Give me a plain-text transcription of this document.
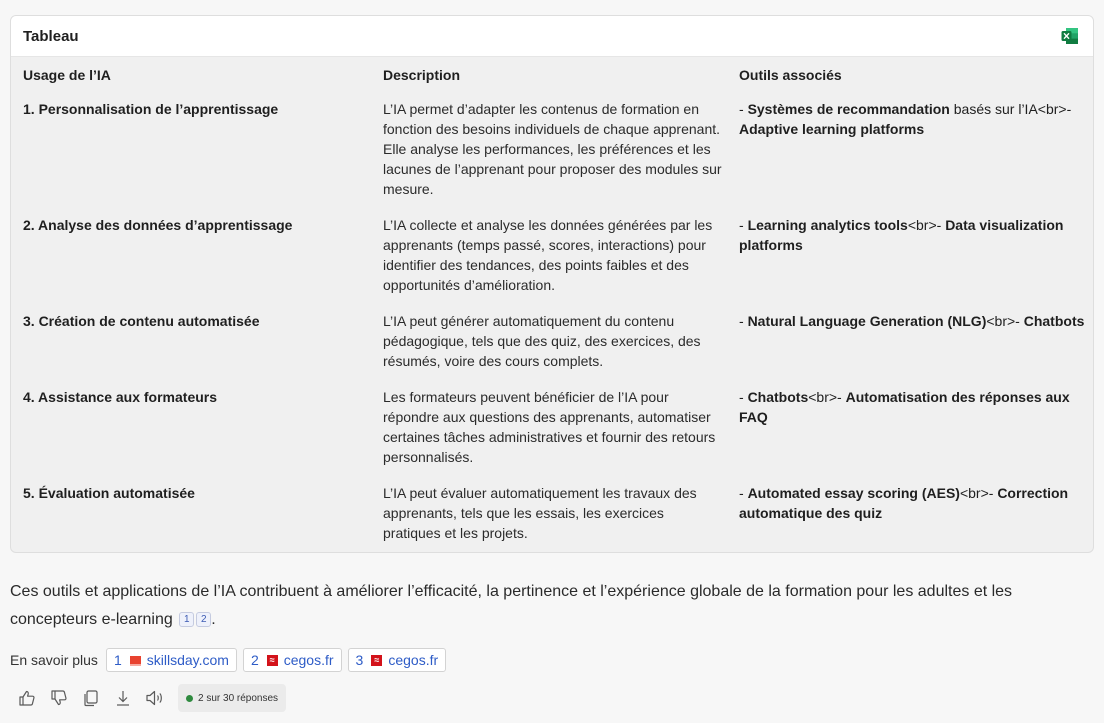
Tableau
Usage de l’IA	Description	Outils associés
1. Personnalisation de l’apprentissage	L’IA permet d’adapter les contenus de formation en fonction des besoins individuels de chaque apprenant. Elle analyse les performances, les préférences et les lacunes de l’apprenant pour proposer des modules sur mesure.	- Systèmes de recommandation basés sur l’IA<br>- Adaptive learning platforms
2. Analyse des données d’apprentissage	L’IA collecte et analyse les données générées par les apprenants (temps passé, scores, interactions) pour identifier des tendances, des points faibles et des opportunités d’amélioration.	- Learning analytics tools<br>- Data visualization platforms
3. Création de contenu automatisée	L’IA peut générer automatiquement du contenu pédagogique, tels que des quiz, des exercices, des résumés, voire des cours complets.	- Natural Language Generation (NLG)<br>- Chatbots
4. Assistance aux formateurs	Les formateurs peuvent bénéficier de l’IA pour répondre aux questions des apprenants, automatiser certaines tâches administratives et fournir des retours personnalisés.	- Chatbots<br>- Automatisation des réponses aux FAQ
5. Évaluation automatisée	L’IA peut évaluer automatiquement les travaux des apprenants, tels que les essais, les exercices pratiques et les projets.	- Automated essay scoring (AES)<br>- Correction automatique des quiz
Ces outils et applications de l’IA contribuent à améliorer l’efficacité, la pertinence et l’expérience globale de la formation pour les adultes et les concepteurs e-learning 1 2 .
En savoir plus 1 skillsday.com 2	≈ cegos.fr 3	≈ cegos.fr
2 sur 30 réponses
